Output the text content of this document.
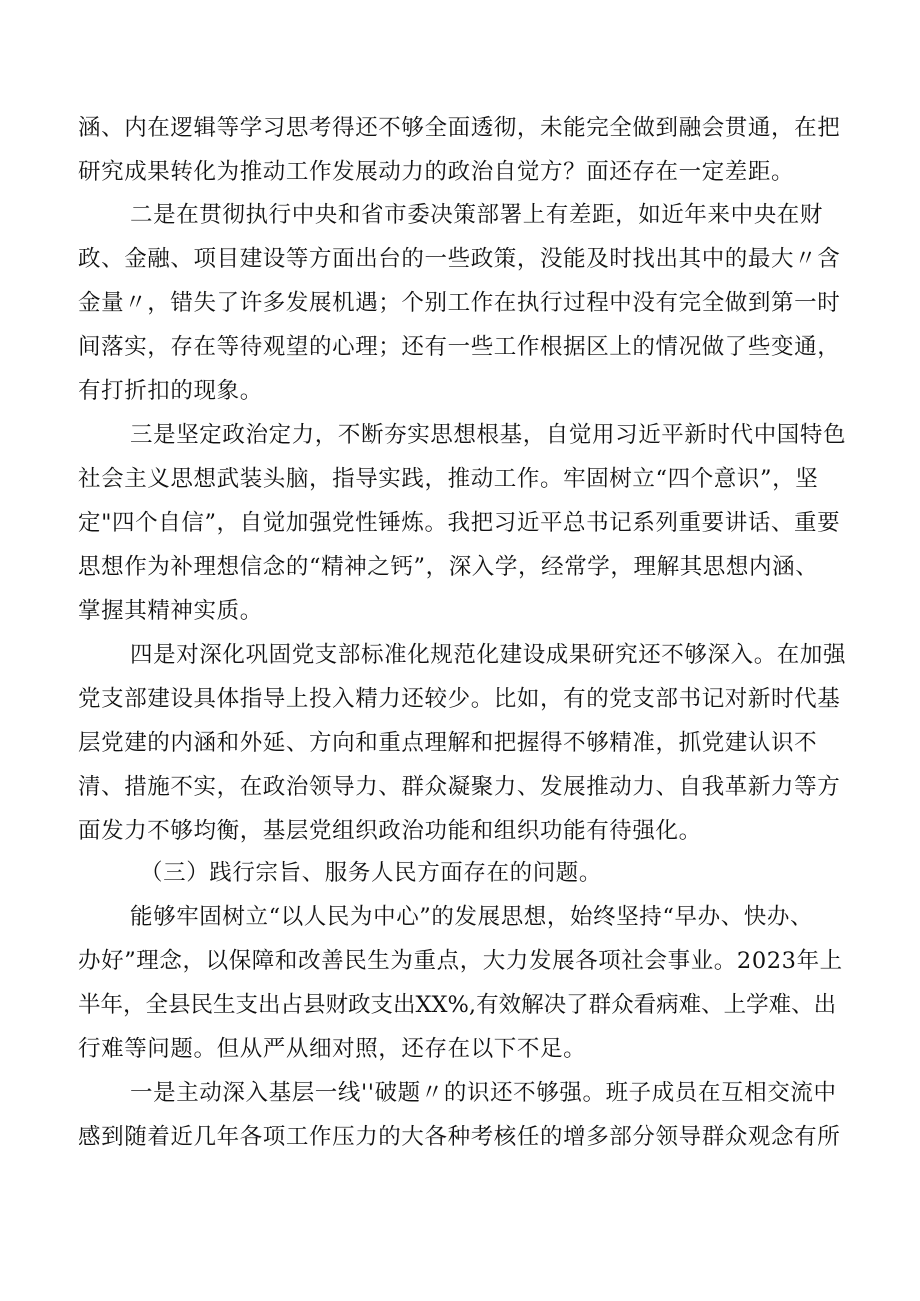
涵、内在逻辑等学习思考得还不够全面透彻，未能完全做到融会贯通，在把
研究成果转化为推动工作发展动力的政治自觉方？面还存在一定差距。
二是在贯彻执行中央和省市委决策部署上有差距，如近年来中央在财
政、金融、项目建设等方面出台的一些政策，没能及时找出其中的最大〃含
金量〃，错失了许多发展机遇；个别工作在执行过程中没有完全做到第一时
间落实，存在等待观望的心理；还有一些工作根据区上的情况做了些变通，
有打折扣的现象。
三是坚定政治定力，不断夯实思想根基，自觉用习近平新时代中国特色
社会主义思想武装头脑，指导实践，推动工作。牢固树立“四个意识”，坚
定"四个自信”，自觉加强党性锤炼。我把习近平总书记系列重要讲话、重要
思想作为补理想信念的“精神之钙”，深入学，经常学，理解其思想内涵、
掌握其精神实质。
四是对深化巩固党支部标准化规范化建设成果研究还不够深入。在加强
党支部建设具体指导上投入精力还较少。比如，有的党支部书记对新时代基
层党建的内涵和外延、方向和重点理解和把握得不够精准，抓党建认识不
清、措施不实，在政治领导力、群众凝聚力、发展推动力、自我革新力等方
面发力不够均衡，基层党组织政治功能和组织功能有待强化。
（三）践行宗旨、服务人民方面存在的问题。
能够牢固树立“以人民为中心”的发展思想，始终坚持“早办、快办、
办好”理念，以保障和改善民生为重点，大力发展各项社会事业。2023年上
半年，全县民生支出占县财政支出XX%,有效解决了群众看病难、上学难、出
行难等问题。但从严从细对照，还存在以下不足。
一是主动深入基层一线''破题〃的识还不够强。班子成员在互相交流中
感到随着近几年各项工作压力的大各种考核任的增多部分领导群众观念有所
